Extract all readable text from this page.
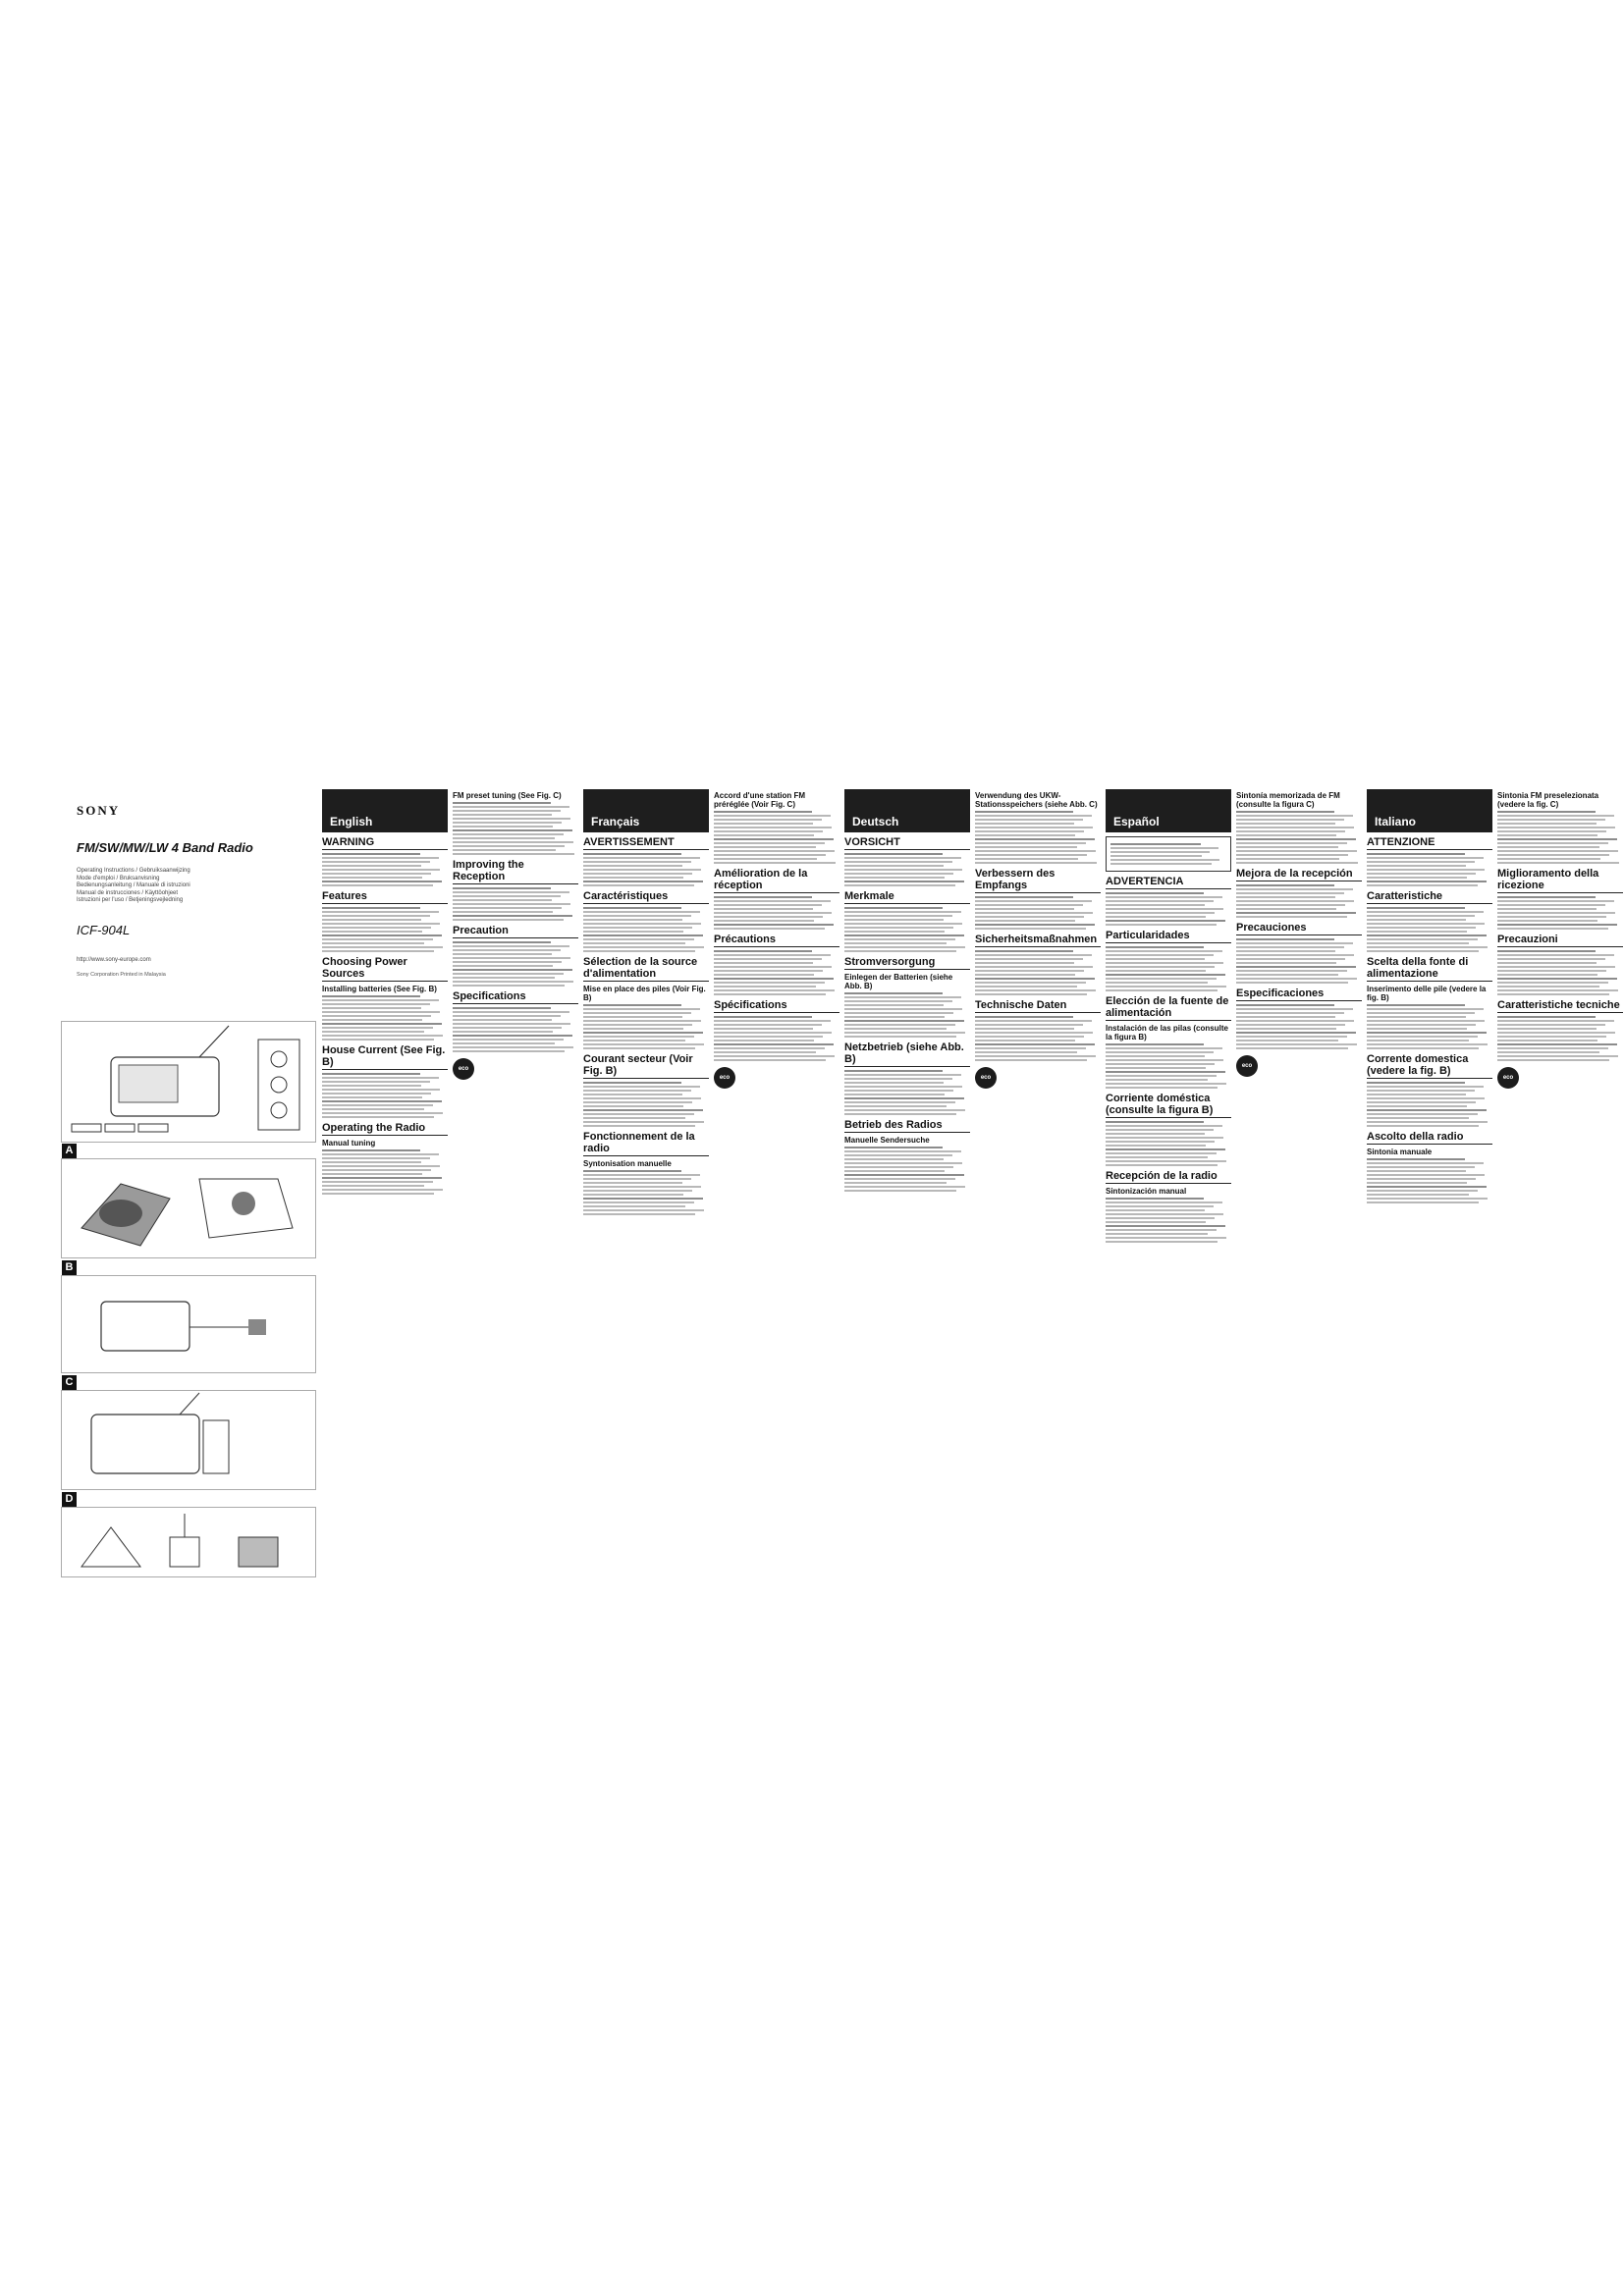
SONY
FM/SW/MW/LW 4 Band Radio
Operating Instructions / Gebruiksaanwijzing
Mode d'emploi / Bruksanvisning
Bedienungsanleitung / Manuale di istruzioni
Manual de instrucciones / Käyttöohjeet
Istruzioni per l'uso / Betjeningsvejledning
ICF-904L
http://www.sony-europe.com
Sony Corporation Printed in Malaysia
A
B
C
D
English
WARNING
Features
Choosing Power Sources
Installing batteries (See Fig. B)
House Current (See Fig. B)
Operating the Radio
Manual tuning
FM preset tuning (See Fig. C)
Improving the Reception
Precaution
Specifications
eco
Français
AVERTISSEMENT
Caractéristiques
Sélection de la source d'alimentation
Mise en place des piles (Voir Fig. B)
Courant secteur (Voir Fig. B)
Fonctionnement de la radio
Syntonisation manuelle
Accord d'une station FM préréglée (Voir Fig. C)
Amélioration de la réception
Précautions
Spécifications
eco
Deutsch
VORSICHT
Merkmale
Stromversorgung
Einlegen der Batterien (siehe Abb. B)
Netzbetrieb (siehe Abb. B)
Betrieb des Radios
Manuelle Sendersuche
Verwendung des UKW-Stationsspeichers (siehe Abb. C)
Verbessern des Empfangs
Sicherheitsmaßnahmen
Technische Daten
eco
Español
ADVERTENCIA
Particularidades
Elección de la fuente de alimentación
Instalación de las pilas (consulte la figura B)
Corriente doméstica (consulte la figura B)
Recepción de la radio
Sintonización manual
Sintonía memorizada de FM (consulte la figura C)
Mejora de la recepción
Precauciones
Especificaciones
eco
Italiano
ATTENZIONE
Caratteristiche
Scelta della fonte di alimentazione
Inserimento delle pile (vedere la fig. B)
Corrente domestica (vedere la fig. B)
Ascolto della radio
Sintonia manuale
Sintonia FM preselezionata (vedere la fig. C)
Miglioramento della ricezione
Precauzioni
Caratteristiche tecniche
eco
